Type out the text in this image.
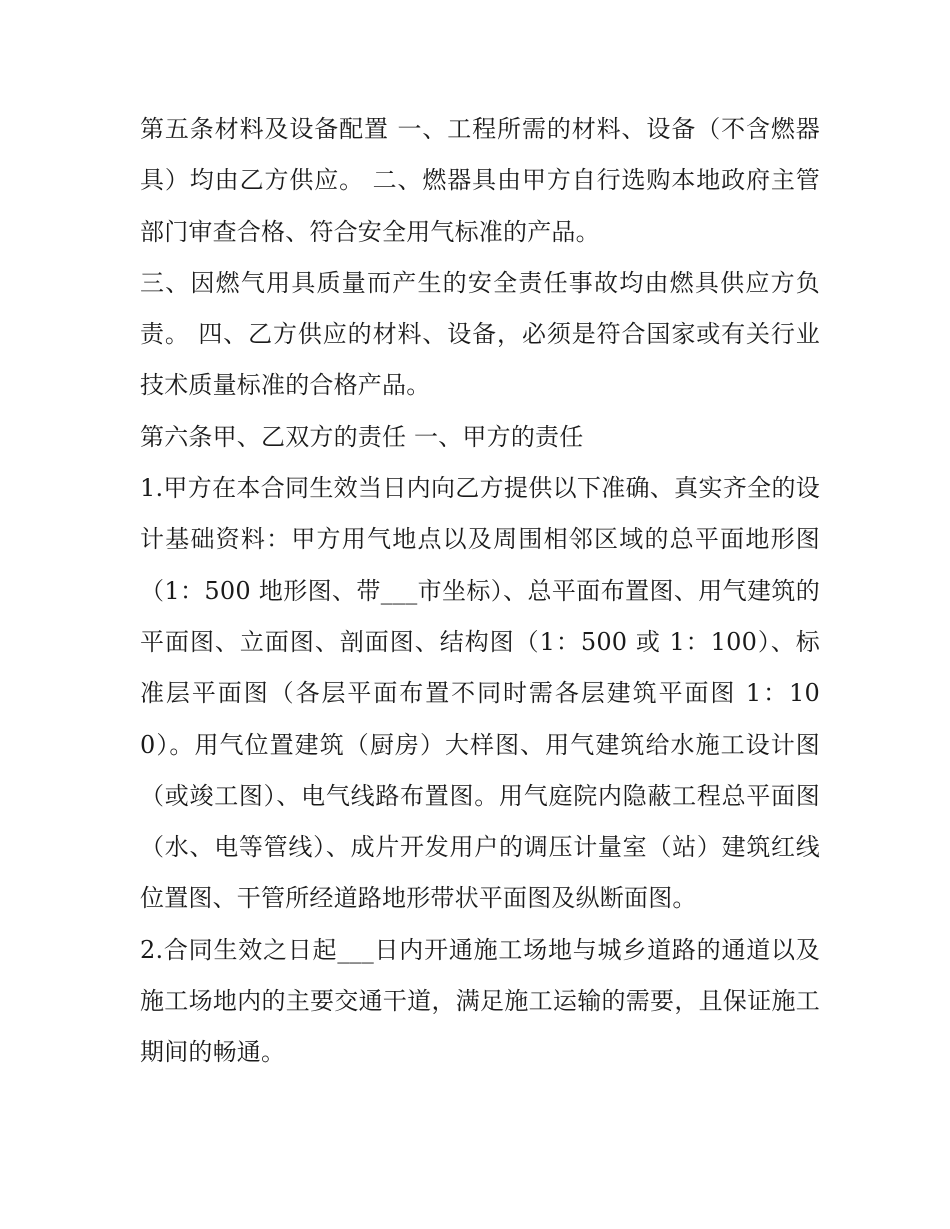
第五条材料及设备配置 一、工程所需的材料、设备（不含燃器具）均由乙方供应。 二、燃器具由甲方自行选购本地政府主管部门审查合格、符合安全用气标准的产品。

三、因燃气用具质量而产生的安全责任事故均由燃具供应方负责。 四、乙方供应的材料、设备，必须是符合国家或有关行业技术质量标准的合格产品。

第六条甲、乙双方的责任 一、甲方的责任

1.甲方在本合同生效当日内向乙方提供以下准确、真实齐全的设计基础资料：甲方用气地点以及周围相邻区域的总平面地形图（1：500 地形图、带___市坐标）、总平面布置图、用气建筑的平面图、立面图、剖面图、结构图（1：500 或 1：100）、标准层平面图（各层平面布置不同时需各层建筑平面图 1：100）。用气位置建筑（厨房）大样图、用气建筑给水施工设计图（或竣工图）、电气线路布置图。用气庭院内隐蔽工程总平面图（水、电等管线）、成片开发用户的调压计量室（站）建筑红线位置图、干管所经道路地形带状平面图及纵断面图。

2.合同生效之日起___日内开通施工场地与城乡道路的通道以及施工场地内的主要交通干道，满足施工运输的需要，且保证施工期间的畅通。
